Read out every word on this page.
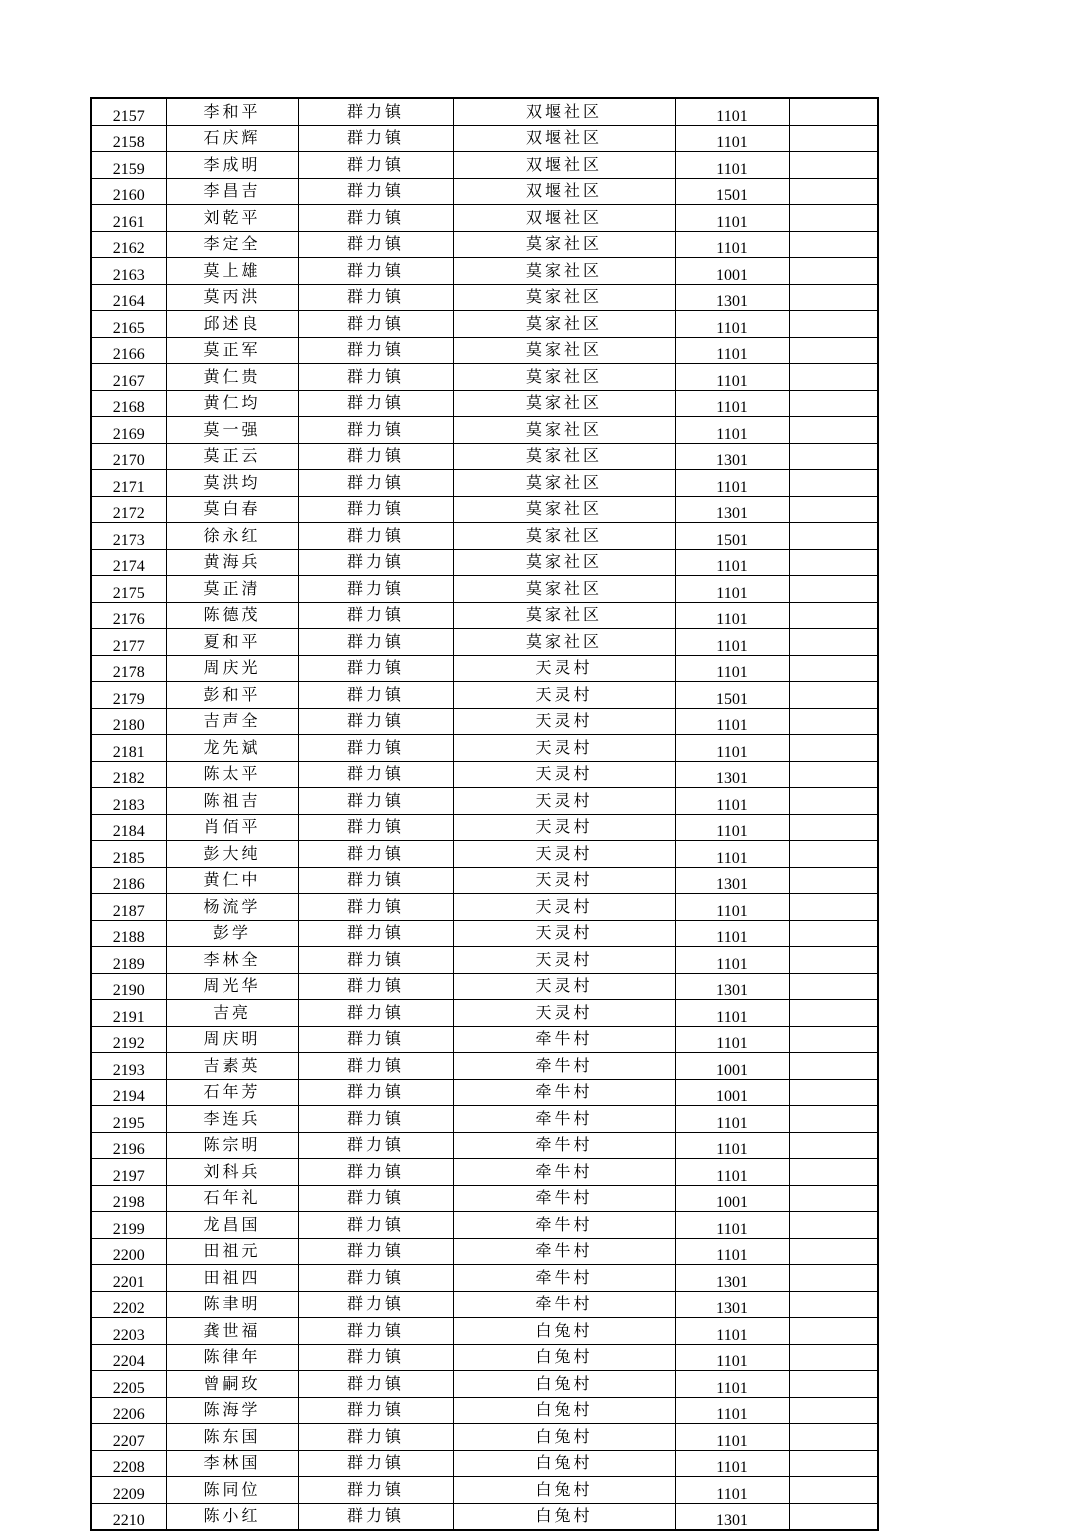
2157	李和平	群力镇	双堰社区	1101	
2158	石庆辉	群力镇	双堰社区	1101	
2159	李成明	群力镇	双堰社区	1101	
2160	李昌吉	群力镇	双堰社区	1501	
2161	刘乾平	群力镇	双堰社区	1101	
2162	李定全	群力镇	莫家社区	1101	
2163	莫上雄	群力镇	莫家社区	1001	
2164	莫丙洪	群力镇	莫家社区	1301	
2165	邱述良	群力镇	莫家社区	1101	
2166	莫正军	群力镇	莫家社区	1101	
2167	黄仁贵	群力镇	莫家社区	1101	
2168	黄仁均	群力镇	莫家社区	1101	
2169	莫一强	群力镇	莫家社区	1101	
2170	莫正云	群力镇	莫家社区	1301	
2171	莫洪均	群力镇	莫家社区	1101	
2172	莫白春	群力镇	莫家社区	1301	
2173	徐永红	群力镇	莫家社区	1501	
2174	黄海兵	群力镇	莫家社区	1101	
2175	莫正清	群力镇	莫家社区	1101	
2176	陈德茂	群力镇	莫家社区	1101	
2177	夏和平	群力镇	莫家社区	1101	
2178	周庆光	群力镇	天灵村	1101	
2179	彭和平	群力镇	天灵村	1501	
2180	吉声全	群力镇	天灵村	1101	
2181	龙先斌	群力镇	天灵村	1101	
2182	陈太平	群力镇	天灵村	1301	
2183	陈祖吉	群力镇	天灵村	1101	
2184	肖佰平	群力镇	天灵村	1101	
2185	彭大纯	群力镇	天灵村	1101	
2186	黄仁中	群力镇	天灵村	1301	
2187	杨流学	群力镇	天灵村	1101	
2188	彭学	群力镇	天灵村	1101	
2189	李林全	群力镇	天灵村	1101	
2190	周光华	群力镇	天灵村	1301	
2191	吉亮	群力镇	天灵村	1101	
2192	周庆明	群力镇	牵牛村	1101	
2193	吉素英	群力镇	牵牛村	1001	
2194	石年芳	群力镇	牵牛村	1001	
2195	李连兵	群力镇	牵牛村	1101	
2196	陈宗明	群力镇	牵牛村	1101	
2197	刘科兵	群力镇	牵牛村	1101	
2198	石年礼	群力镇	牵牛村	1001	
2199	龙昌国	群力镇	牵牛村	1101	
2200	田祖元	群力镇	牵牛村	1101	
2201	田祖四	群力镇	牵牛村	1301	
2202	陈聿明	群力镇	牵牛村	1301	
2203	龚世福	群力镇	白兔村	1101	
2204	陈律年	群力镇	白兔村	1101	
2205	曾嗣玫	群力镇	白兔村	1101	
2206	陈海学	群力镇	白兔村	1101	
2207	陈东国	群力镇	白兔村	1101	
2208	李林国	群力镇	白兔村	1101	
2209	陈同位	群力镇	白兔村	1101	
2210	陈小红	群力镇	白兔村	1301	
